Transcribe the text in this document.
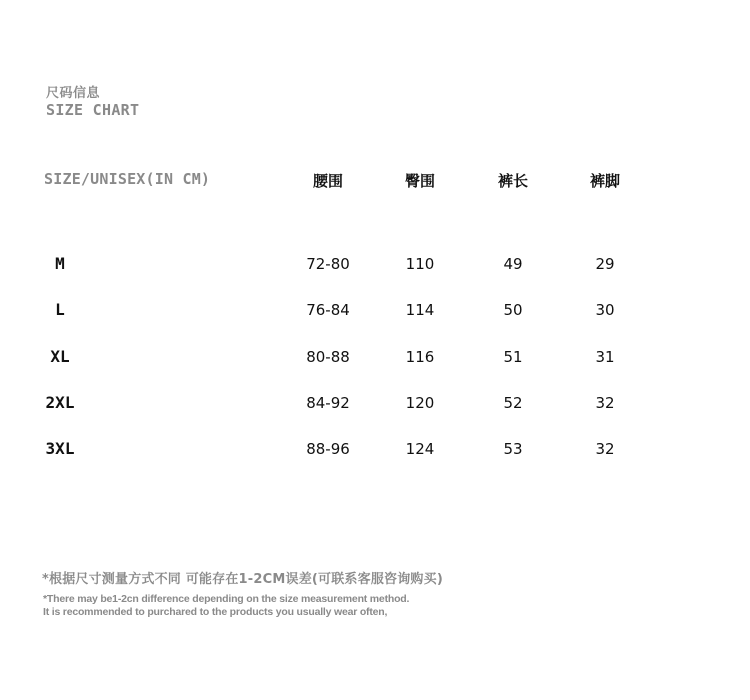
尺码信息
SIZE CHART
SIZE/UNISEX(IN CM)	腰围	臀围	裤长	裤脚
M	72-80	110	49	29
L	76-84	114	50	30
XL	80-88	116	51	31
2XL	84-92	120	52	32
3XL	88-96	124	53	32
*根据尺寸测量方式不同 可能存在1-2CM误差(可联系客服咨询购买)
*There may be1-2cn difference depending on the size measurement method.
It is recommended to purchared to the products you usually wear often,
